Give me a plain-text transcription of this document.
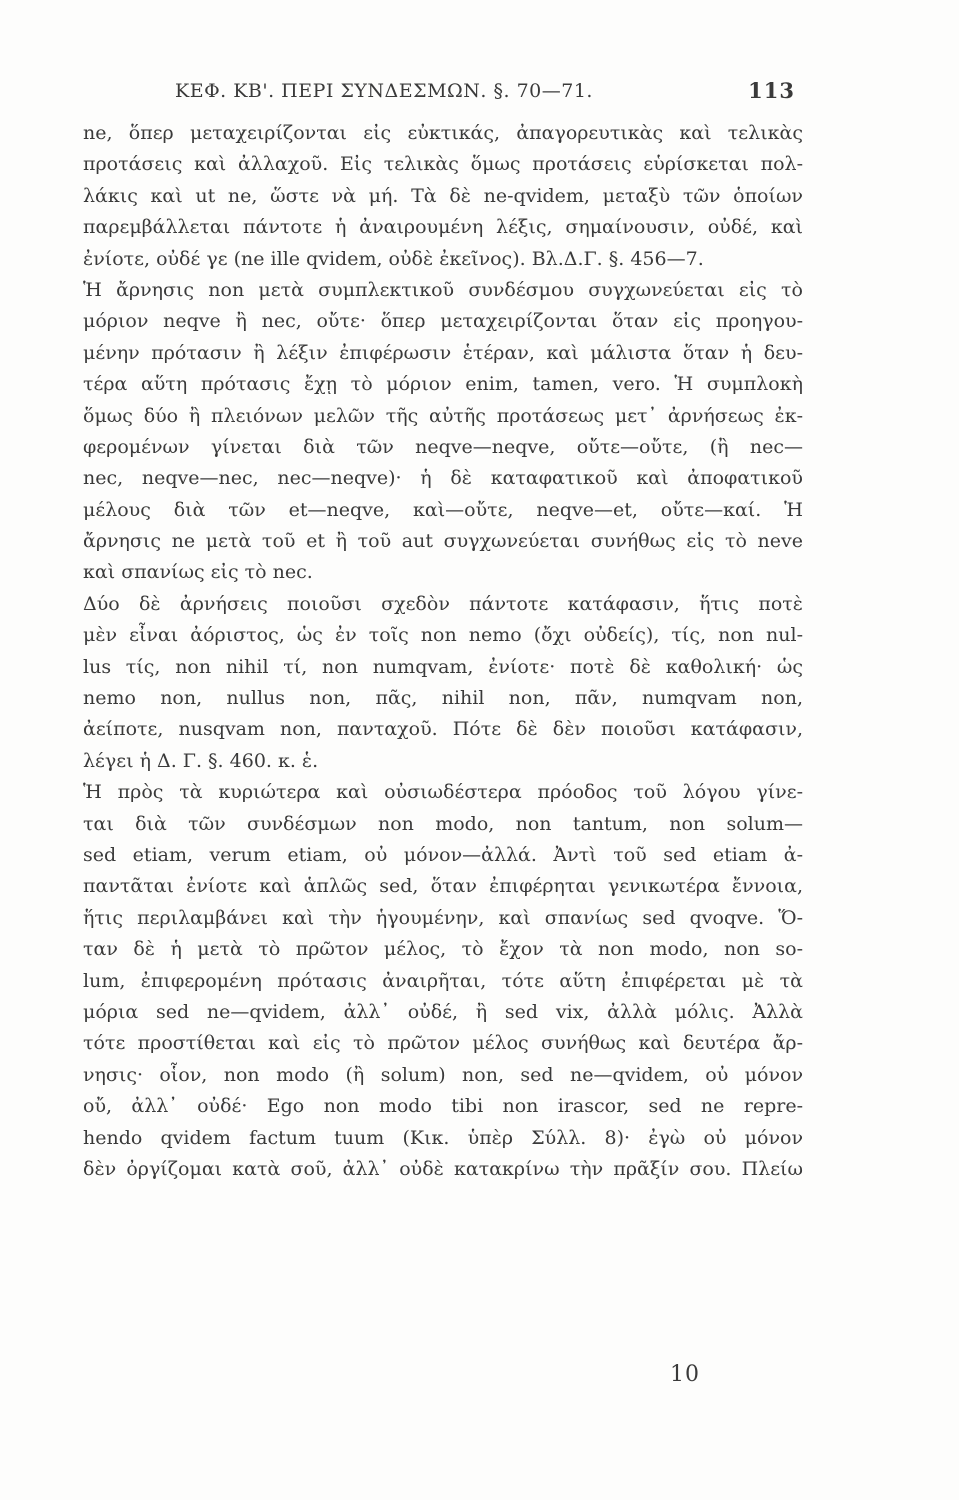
ΚΕΦ. ΚΒ'. ΠΕΡΙ ΣΥΝΔΕΣΜΩΝ. §. 70—71.	113
ne, ὅπερ μεταχειρίζονται εἰς εὐκτικάς, ἀπαγορευτικὰς καὶ τελικὰς
προτάσεις καὶ ἀλλαχοῦ. Εἰς τελικὰς ὅμως προτάσεις εὑρίσκεται πολ-
λάκις καὶ ut ne, ὥστε νὰ μή. Τὰ δὲ ne-qvidem, μεταξὺ τῶν ὁποίων
παρεμβάλλεται πάντοτε ἡ ἀναιρουμένη λέξις, σημαίνουσιν, οὐδέ, καὶ
ἐνίοτε, οὐδέ γε (ne ille qvidem, οὐδὲ ἐκεῖνος). Βλ.Δ.Γ. §. 456—7.
Ἡ ἄρνησις non μετὰ συμπλεκτικοῦ συνδέσμου συγχωνεύεται εἰς τὸ
μόριον neqve ἢ nec, οὔτε· ὅπερ μεταχειρίζονται ὅταν εἰς προηγου-
μένην πρότασιν ἢ λέξιν ἐπιφέρωσιν ἑτέραν, καὶ μάλιστα ὅταν ἡ δευ-
τέρα αὕτη πρότασις ἔχῃ τὸ μόριον enim, tamen, vero. Ἡ συμπλοκὴ
ὅμως δύο ἢ πλειόνων μελῶν τῆς αὐτῆς προτάσεως μετ᾽ ἀρνήσεως ἐκ-
φερομένων γίνεται διὰ τῶν neqve—neqve, οὔτε—οὔτε, (ἢ nec—
nec, neqve—nec, nec—neqve)· ἡ δὲ καταφατικοῦ καὶ ἀποφατικοῦ
μέλους διὰ τῶν et—neqve, καὶ—οὔτε, neqve—et, οὔτε—καί. Ἡ
ἄρνησις ne μετὰ τοῦ et ἢ τοῦ aut συγχωνεύεται συνήθως εἰς τὸ neve
καὶ σπανίως εἰς τὸ nec.
Δύο δὲ ἀρνήσεις ποιοῦσι σχεδὸν πάντοτε κατάφασιν, ἥτις ποτὲ
μὲν εἶναι ἀόριστος, ὡς ἐν τοῖς non nemo (ὄχι οὐδείς), τίς, non nul-
lus τίς, non nihil τί, non numqvam, ἐνίοτε· ποτὲ δὲ καθολική· ὡς
nemo non, nullus non, πᾶς, nihil non, πᾶν, numqvam non,
ἀείποτε, nusqvam non, πανταχοῦ. Πότε δὲ δὲν ποιοῦσι κατάφασιν,
λέγει ἡ Δ. Γ. §. 460. κ. ἑ.
Ἡ πρὸς τὰ κυριώτερα καὶ οὐσιωδέστερα πρόοδος τοῦ λόγου γίνε-
ται διὰ τῶν συνδέσμων non modo, non tantum, non solum—
sed etiam, verum etiam, οὐ μόνον—ἀλλά. Ἀντὶ τοῦ sed etiam ἀ-
παντᾶται ἐνίοτε καὶ ἁπλῶς sed, ὅταν ἐπιφέρηται γενικωτέρα ἔννοια,
ἥτις περιλαμβάνει καὶ τὴν ἡγουμένην, καὶ σπανίως sed qvoqve. Ὅ-
ταν δὲ ἡ μετὰ τὸ πρῶτον μέλος, τὸ ἔχον τὰ non modo, non so-
lum, ἐπιφερομένη πρότασις ἀναιρῆται, τότε αὕτη ἐπιφέρεται μὲ τὰ
μόρια sed ne—qvidem, ἀλλ᾽ οὐδέ, ἢ sed vix, ἀλλὰ μόλις. Ἀλλὰ
τότε προστίθεται καὶ εἰς τὸ πρῶτον μέλος συνήθως καὶ δευτέρα ἄρ-
νησις· οἷον, non modo (ἢ solum) non, sed ne—qvidem, οὐ μόνον
οὔ, ἀλλ᾽ οὐδέ· Ego non modo tibi non irascor, sed ne repre-
hendo qvidem factum tuum (Κικ. ὑπὲρ Σύλλ. 8)· ἐγὼ οὐ μόνον
δὲν ὀργίζομαι κατὰ σοῦ, ἀλλ᾽ οὐδὲ κατακρίνω τὴν πρᾶξίν σου. Πλείω
10
